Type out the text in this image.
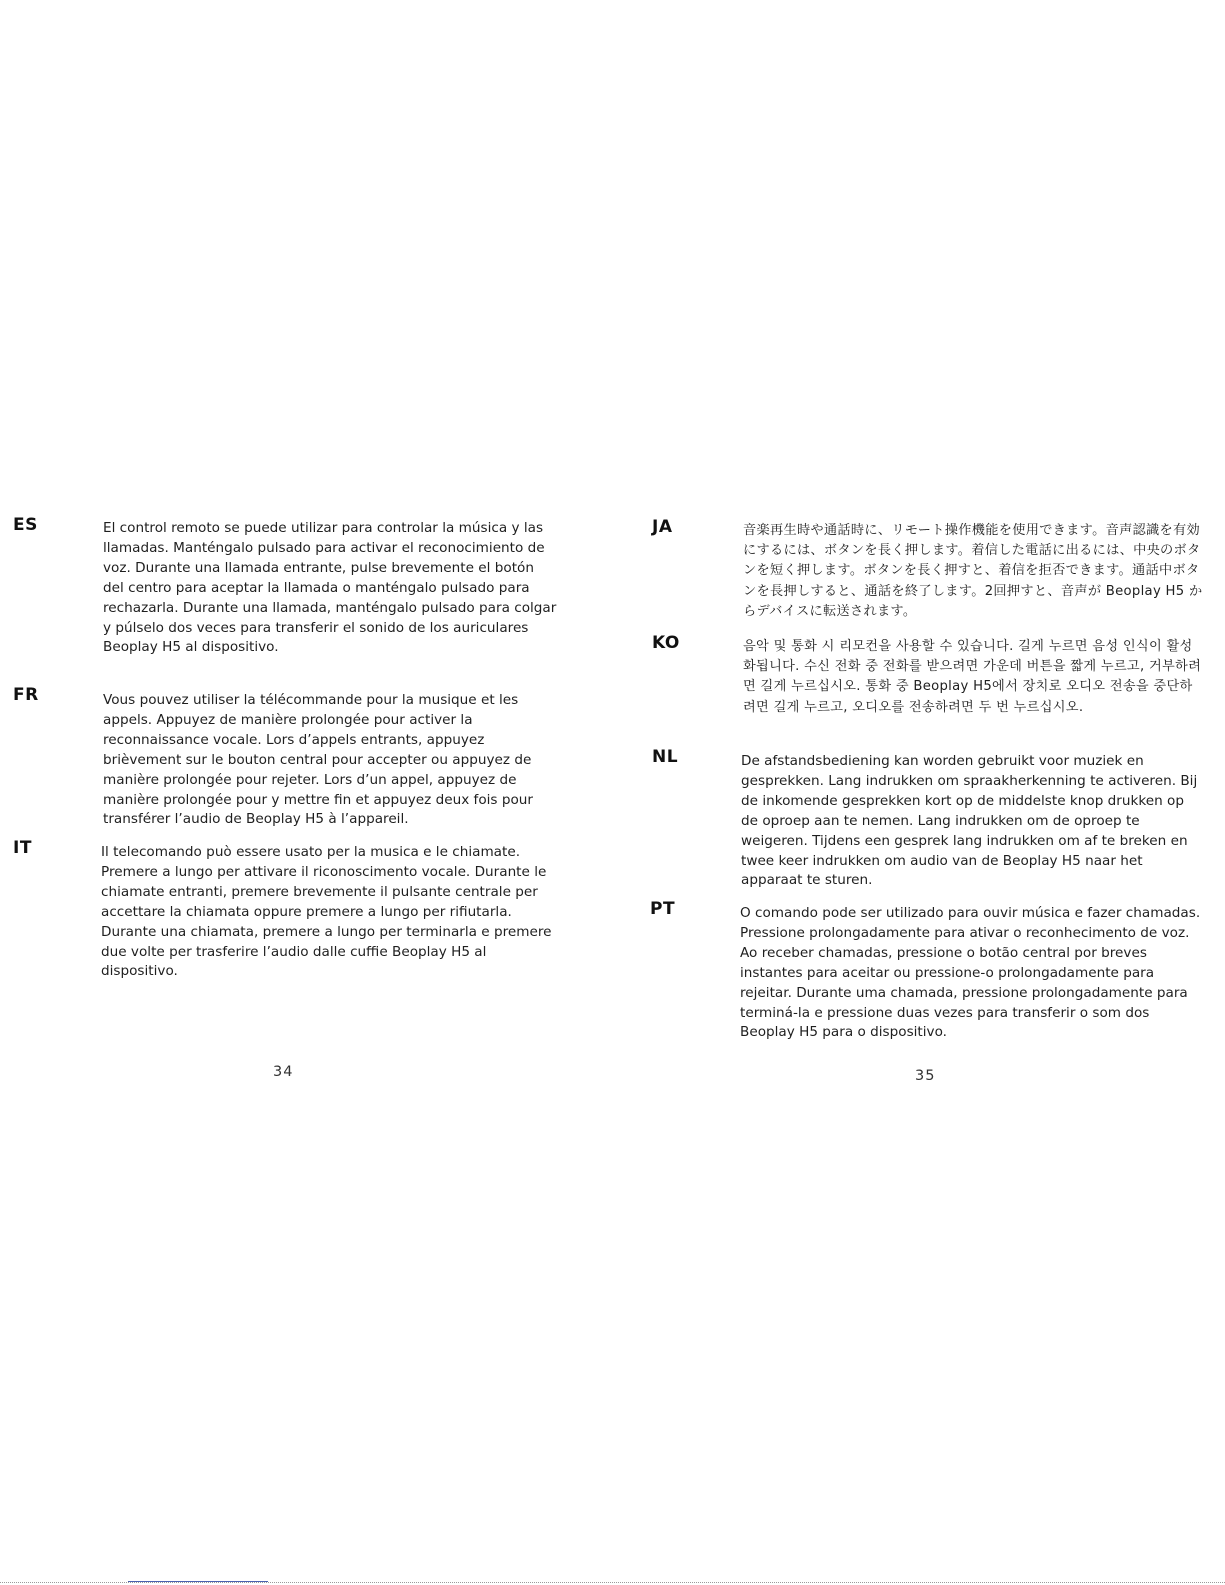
ES	El control remoto se puede utilizar para controlar la música y las llamadas. Manténgalo pulsado para activar el reconocimiento de voz. Durante una llamada entrante, pulse brevemente el botón del centro para aceptar la llamada o manténgalo pulsado para rechazarla. Durante una llamada, manténgalo pulsado para colgar y púlselo dos veces para transferir el sonido de los auriculares Beoplay H5 al dispositivo.

FR	Vous pouvez utiliser la télécommande pour la musique et les appels. Appuyez de manière prolongée pour activer la reconnaissance vocale. Lors d’appels entrants, appuyez brièvement sur le bouton central pour accepter ou appuyez de manière prolongée pour rejeter. Lors d’un appel, appuyez de manière prolongée pour y mettre fin et appuyez deux fois pour transférer l’audio de Beoplay H5 à l’appareil.

IT	Il telecomando può essere usato per la musica e le chiamate. Premere a lungo per attivare il riconoscimento vocale. Durante le chiamate entranti, premere brevemente il pulsante centrale per accettare la chiamata oppure premere a lungo per rifiutarla. Durante una chiamata, premere a lungo per terminarla e premere due volte per trasferire l’audio dalle cuffie Beoplay H5 al dispositivo.

34
JA	音楽再生時や通話時に、リモート操作機能を使用できます。音声認識を有効にするには、ボタンを長く押します。着信した電話に出るには、中央のボタンを短く押します。ボタンを長く押すと、着信を拒否できます。通話中ボタンを長押しすると、通話を終了します。2回押すと、音声が Beoplay H5 からデバイスに転送されます。

KO	음악 및 통화 시 리모컨을 사용할 수 있습니다. 길게 누르면 음성 인식이 활성화됩니다. 수신 전화 중 전화를 받으려면 가운데 버튼을 짧게 누르고, 거부하려면 길게 누르십시오. 통화 중 Beoplay H5에서 장치로 오디오 전송을 중단하려면 길게 누르고, 오디오를 전송하려면 두 번 누르십시오.

NL	De afstandsbediening kan worden gebruikt voor muziek en gesprekken. Lang indrukken om spraakherkenning te activeren. Bij de inkomende gesprekken kort op de middelste knop drukken op de oproep aan te nemen. Lang indrukken om de oproep te weigeren. Tijdens een gesprek lang indrukken om af te breken en twee keer indrukken om audio van de Beoplay H5 naar het apparaat te sturen.

PT	O comando pode ser utilizado para ouvir música e fazer chamadas. Pressione prolongadamente para ativar o reconhecimento de voz. Ao receber chamadas, pressione o botão central por breves instantes para aceitar ou pressione-o prolongadamente para rejeitar. Durante uma chamada, pressione prolongadamente para terminá-la e pressione duas vezes para transferir o som dos Beoplay H5 para o dispositivo.

35
